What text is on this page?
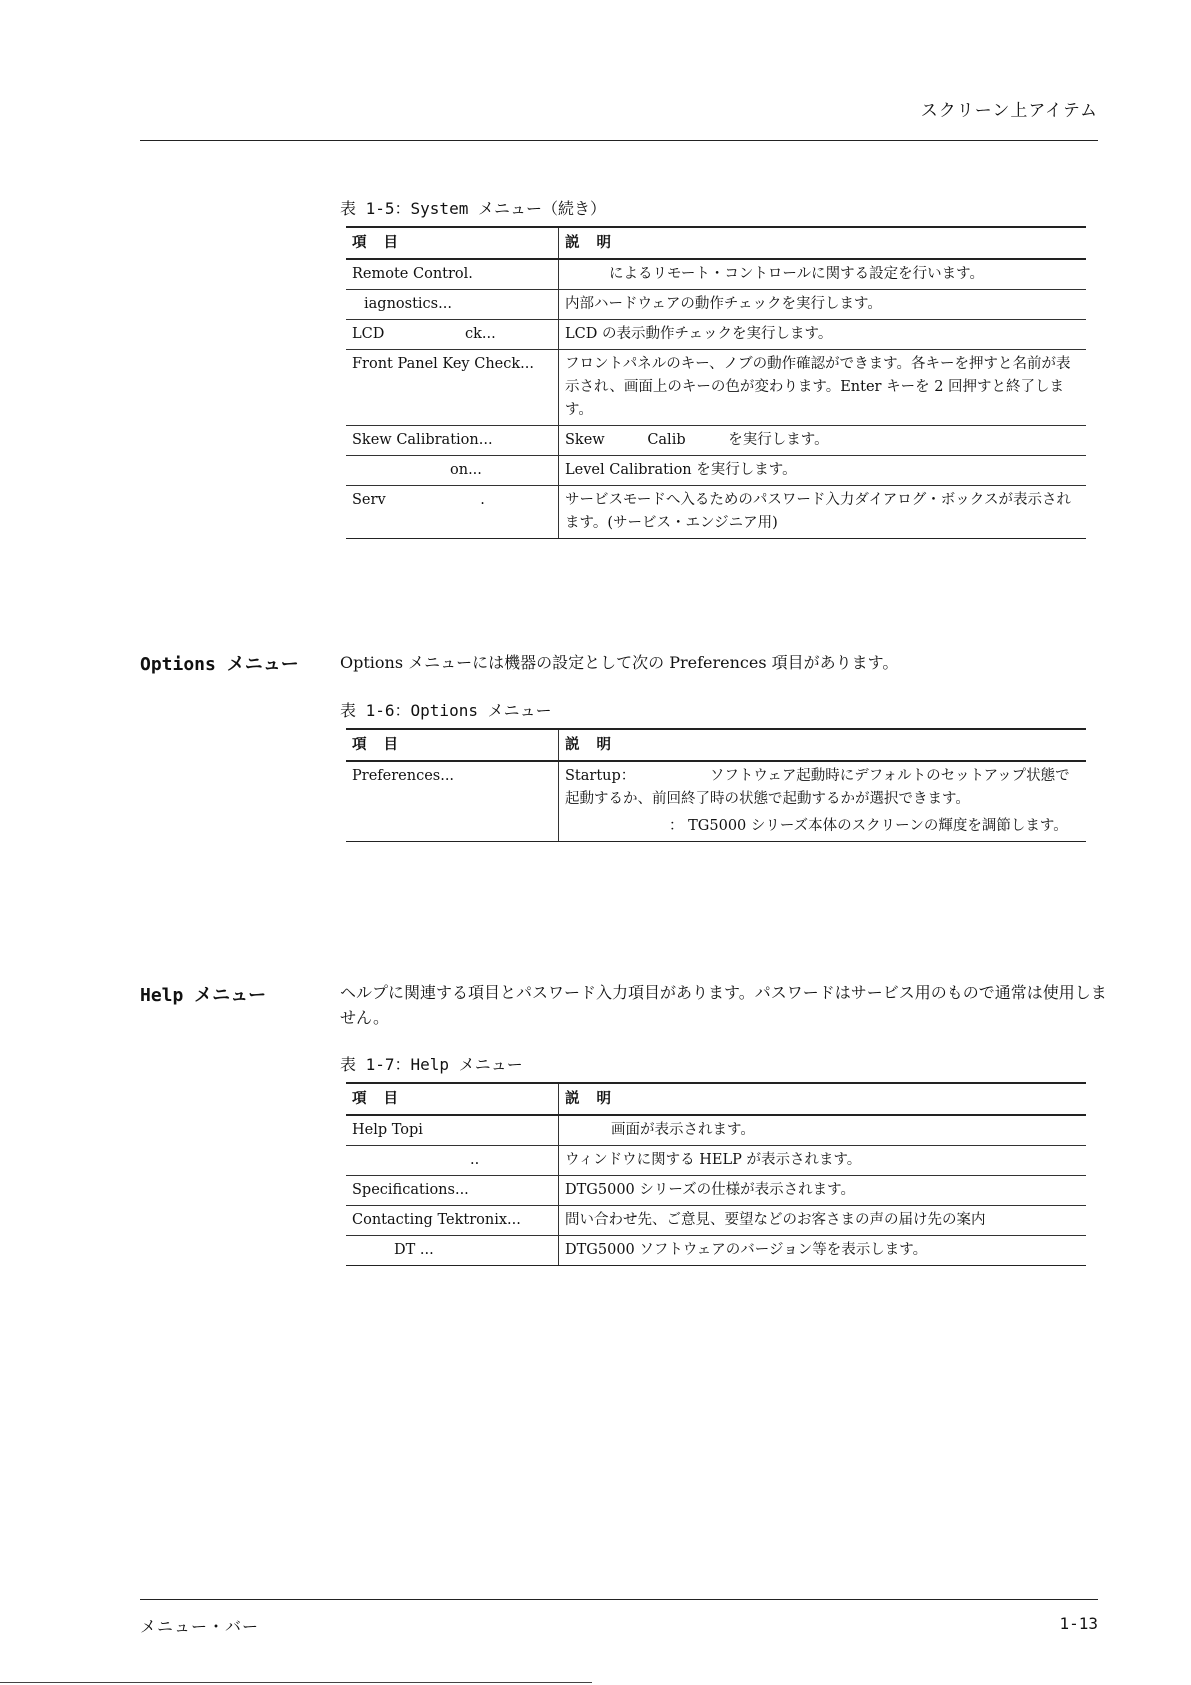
スクリーン上アイテム
表 1-5：System メニュー（続き）
項 目	説 明
Remote Control.	によるリモート・コントロールに関する設定を行います。
iagnostics...	内部ハードウェアの動作チェックを実行します。
LCD ck...	LCD の表示動作チェックを実行します。
Front Panel Key Check...	フロントパネルのキー、ノブの動作確認ができます。各キーを押すと名前が表示され、画面上のキーの色が変わります。Enter キーを 2 回押すと終了します。
Skew Calibration...	Skew Calib を実行します。
on...	Level Calibration を実行します。
Serv .	サービスモードへ入るためのパスワード入力ダイアログ・ボックスが表示されます。(サービス・エンジニア用)
Options メニュー	Options メニューには機器の設定として次の Preferences 項目があります。
表 1-6：Options メニュー
項 目	説 明
Preferences...	Startup： ソフトウェア起動時にデフォルトのセットアップ状態で起動するか、前回終了時の状態で起動するかが選択できます。
： TG5000 シリーズ本体のスクリーンの輝度を調節します。
Help メニュー	ヘルプに関連する項目とパスワード入力項目があります。パスワードはサービス用のもので通常は使用しません。
表 1-7：Help メニュー
項 目	説 明
Help Topi	画面が表示されます。
..	ウィンドウに関する HELP が表示されます。
Specifications...	DTG5000 シリーズの仕様が表示されます。
Contacting Tektronix...	問い合わせ先、ご意見、要望などのお客さまの声の届け先の案内
DT ...	DTG5000 ソフトウェアのバージョン等を表示します。
メニュー・バー	1-13
